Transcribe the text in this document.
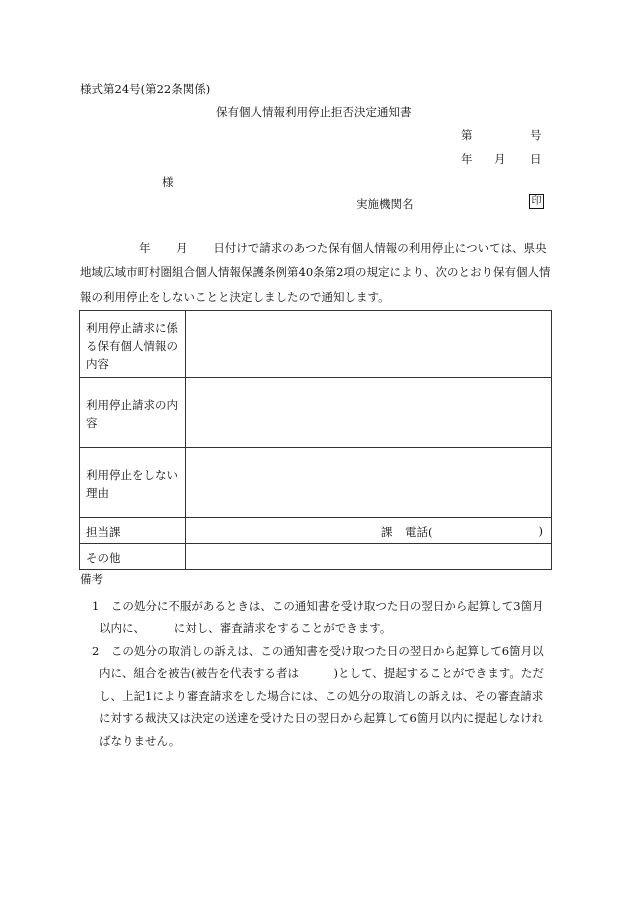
様式第24号(第22条関係)
保有個人情報利用停止拒否決定通知書
第	号
年 月 日
様
実施機関名	印
年 月 日付けで請求のあつた保有個人情報の利用停止については、県央
地域広域市町村圏組合個人情報保護条例第40条第2項の規定により、次のとおり保有個人情
報の利用停止をしないことと決定しましたので通知します。
利用停止請求に係る保有個人情報の内容	
利用停止請求の内容	
利用停止をしない理由	
担当課	課 電話( )

その他	
備考
1　この処分に不服があるときは、この通知書を受け取つた日の翌日から起算して3箇月
以内に、　　　に対し、審査請求をすることができます。
2　この処分の取消しの訴えは、この通知書を受け取つた日の翌日から起算して6箇月以
内に、組合を被告(被告を代表する者は　　　)として、提起することができます。ただ
し、上記1により審査請求をした場合には、この処分の取消しの訴えは、その審査請求
に対する裁決又は決定の送達を受けた日の翌日から起算して6箇月以内に提起しなけれ
ばなりません。
